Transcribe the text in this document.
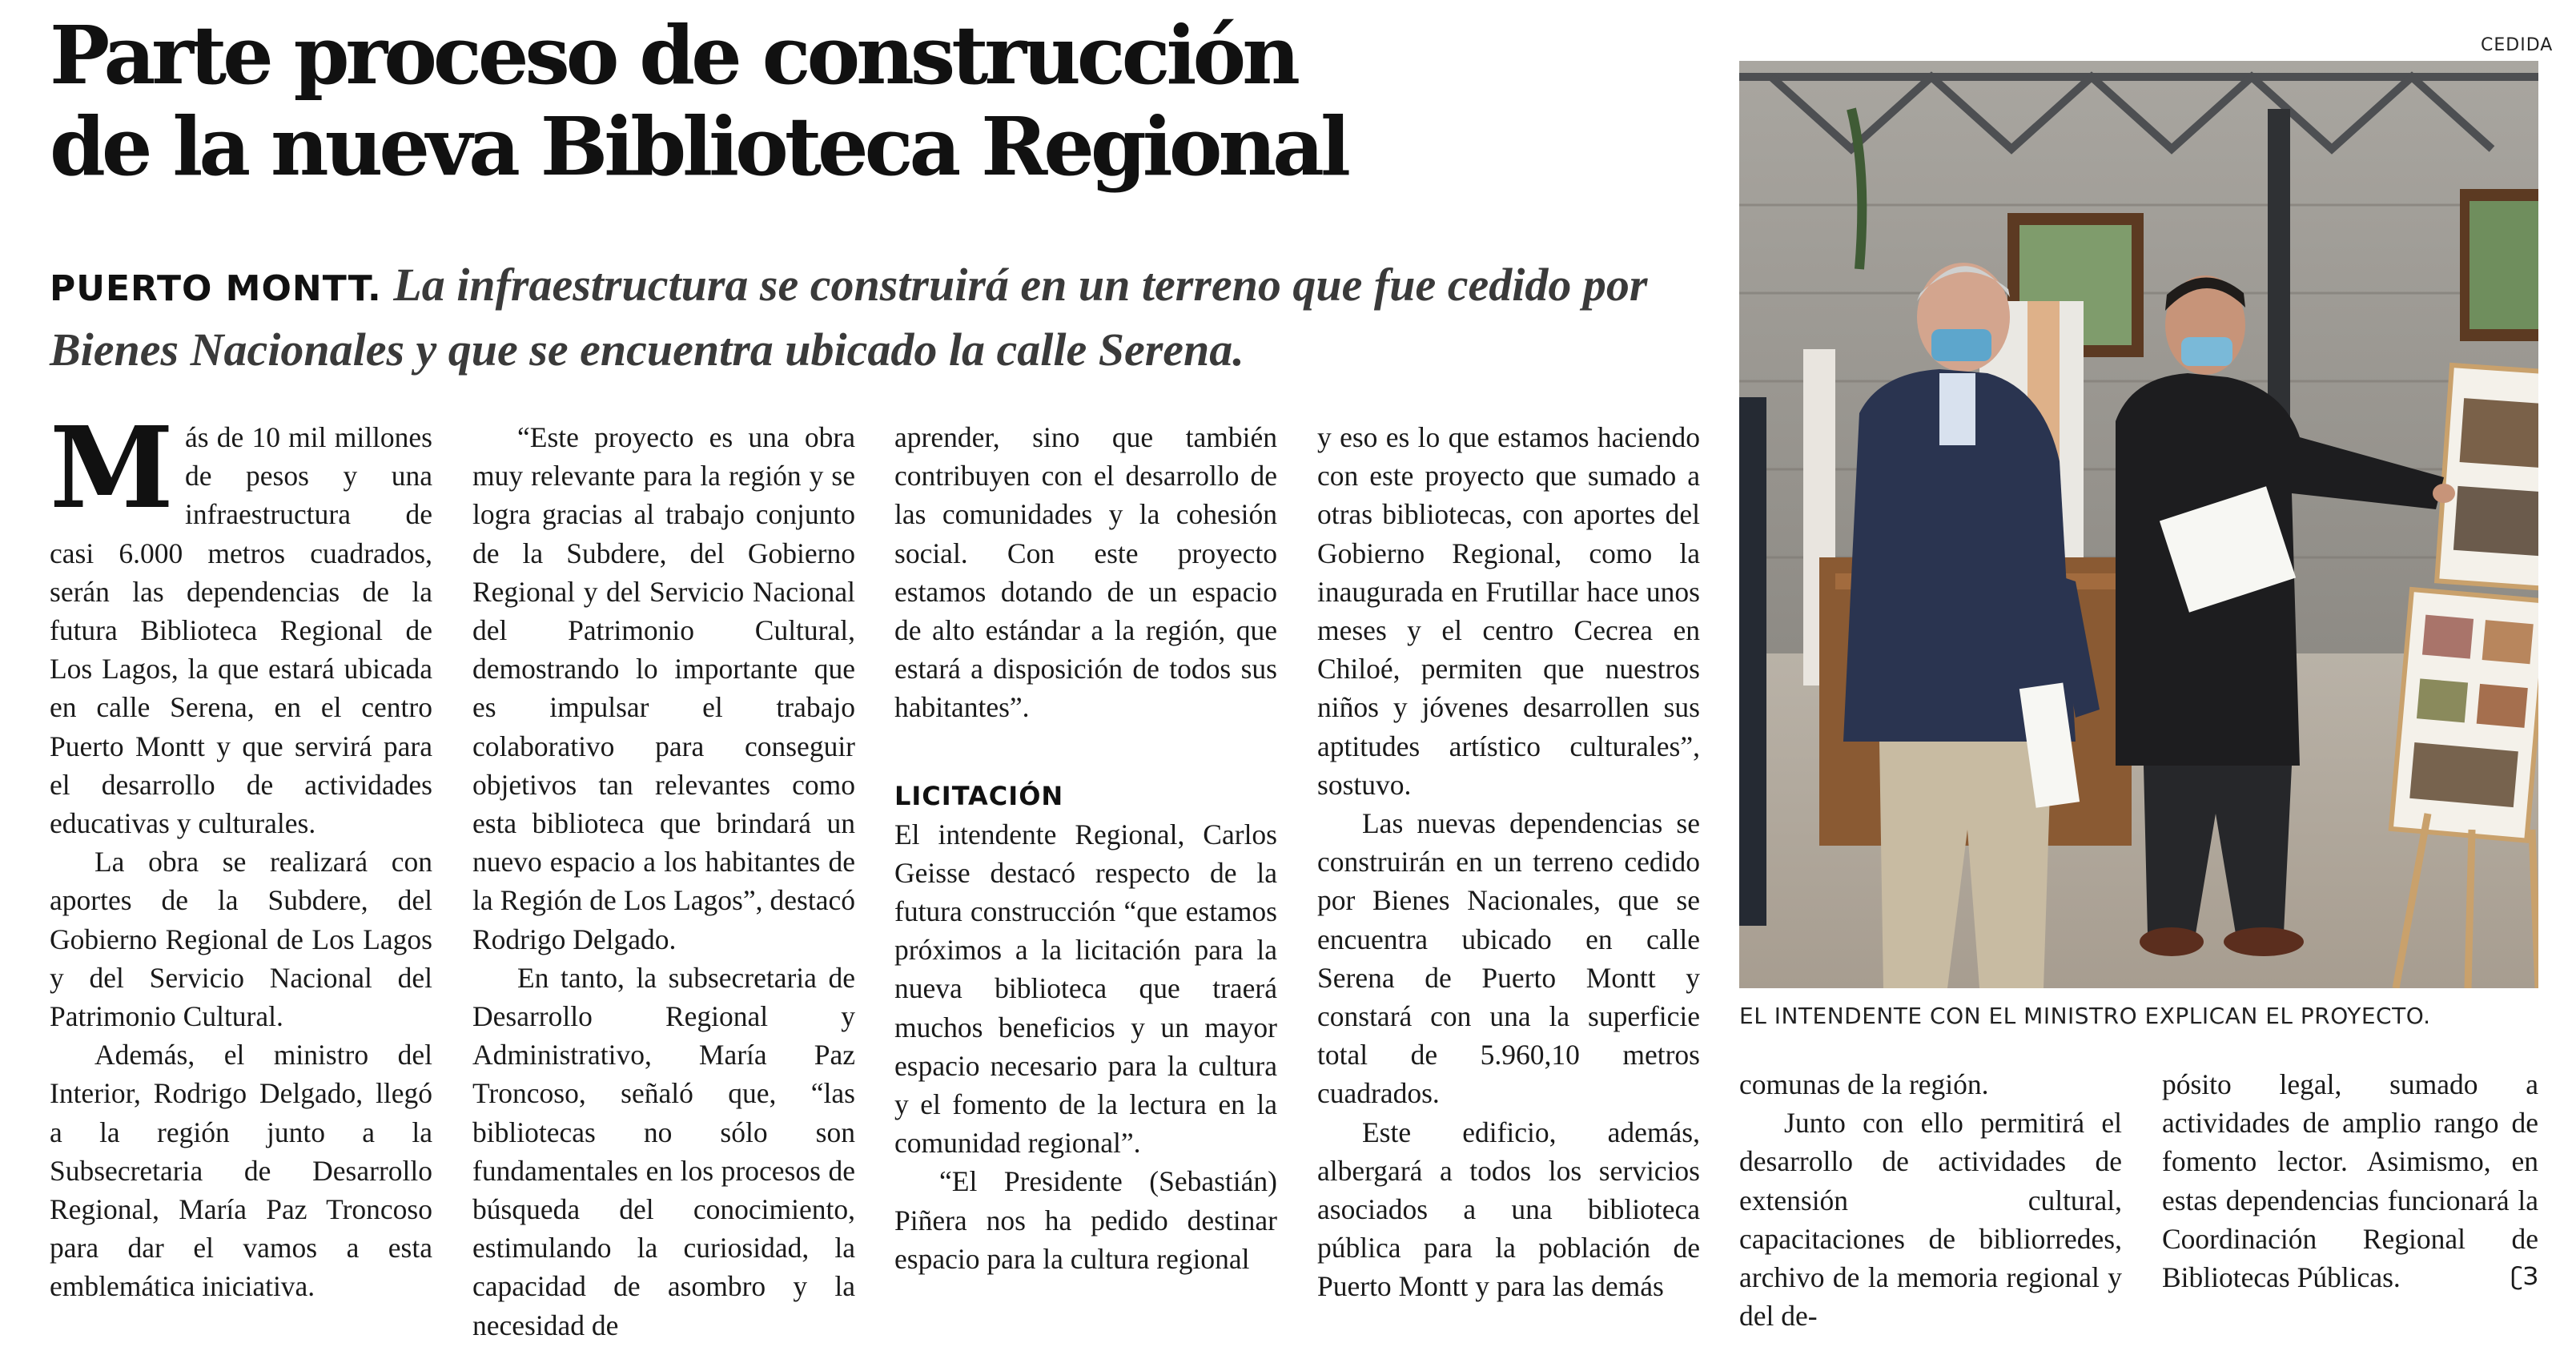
Parte proceso de construcción
de la nueva Biblioteca Regional

PUERTO MONTT. La infraestructura se construirá en un terreno que fue cedido por Bienes Nacionales y que se encuentra ubicado la calle Serena.

Más de 10 mil millones de pesos y una infraestructura de casi 6.000 metros cuadrados, serán las dependencias de la futura Biblioteca Regional de Los Lagos, la que estará ubicada en calle Serena, en el centro Puerto Montt y que servirá para el desarrollo de actividades educativas y culturales.

La obra se realizará con aportes de la Subdere, del Gobierno Regional de Los Lagos y del Servicio Nacional del Patrimonio Cultural.

Además, el ministro del Interior, Rodrigo Delgado, llegó a la región junto a la Subsecretaria de Desarrollo Regional, María Paz Troncoso para dar el vamos a esta emblemática iniciativa.

“Este proyecto es una obra muy relevante para la región y se logra gracias al trabajo conjunto de la Subdere, del Gobierno Regional y del Servicio Nacional del Patrimonio Cultural, demostrando lo importante que es impulsar el trabajo colaborativo para conseguir objetivos tan relevantes como esta biblioteca que brindará un nuevo espacio a los habitantes de la Región de Los Lagos”, destacó Rodrigo Delgado.

En tanto, la subsecretaria de Desarrollo Regional y Administrativo, María Paz Troncoso, señaló que, “las bibliotecas no sólo son fundamentales en los procesos de búsqueda del conocimiento, estimulando la curiosidad, la capacidad de asombro y la necesidad de

aprender, sino que también contribuyen con el desarrollo de las comunidades y la cohesión social. Con este proyecto estamos dotando de un espacio de alto estándar a la región, que estará a disposición de todos sus habitantes”.

LICITACIÓN

El intendente Regional, Carlos Geisse destacó respecto de la futura construcción “que estamos próximos a la licitación para la nueva biblioteca que traerá muchos beneficios y un mayor espacio necesario para la cultura y el fomento de la lectura en la comunidad regional”.

“El Presidente (Sebastián) Piñera nos ha pedido destinar espacio para la cultura regional

y eso es lo que estamos haciendo con este proyecto que sumado a otras bibliotecas, con aportes del Gobierno Regional, como la inaugurada en Frutillar hace unos meses y el centro Cecrea en Chiloé, permiten que nuestros niños y jóvenes desarrollen sus aptitudes artístico culturales”, sostuvo.

Las nuevas dependencias se construirán en un terreno cedido por Bienes Nacionales, que se encuentra ubicado en calle Serena de Puerto Montt y constará con una la superficie total de 5.960,10 metros cuadrados.

Este edificio, además, albergará a todos los servicios asociados a una biblioteca pública para la población de Puerto Montt y para las demás

comunas de la región.

Junto con ello permitirá el desarrollo de actividades de extensión cultural, capacitaciones de bibliorredes, archivo de la memoria regional y del de-

pósito legal, sumado a actividades de amplio rango de fomento lector. Asimismo, en estas dependencias funcionará la Coordinación Regional de Bibliotecas Públicas.	ʗЗ

CEDIDA
EL INTENDENTE CON EL MINISTRO EXPLICAN EL PROYECTO.
